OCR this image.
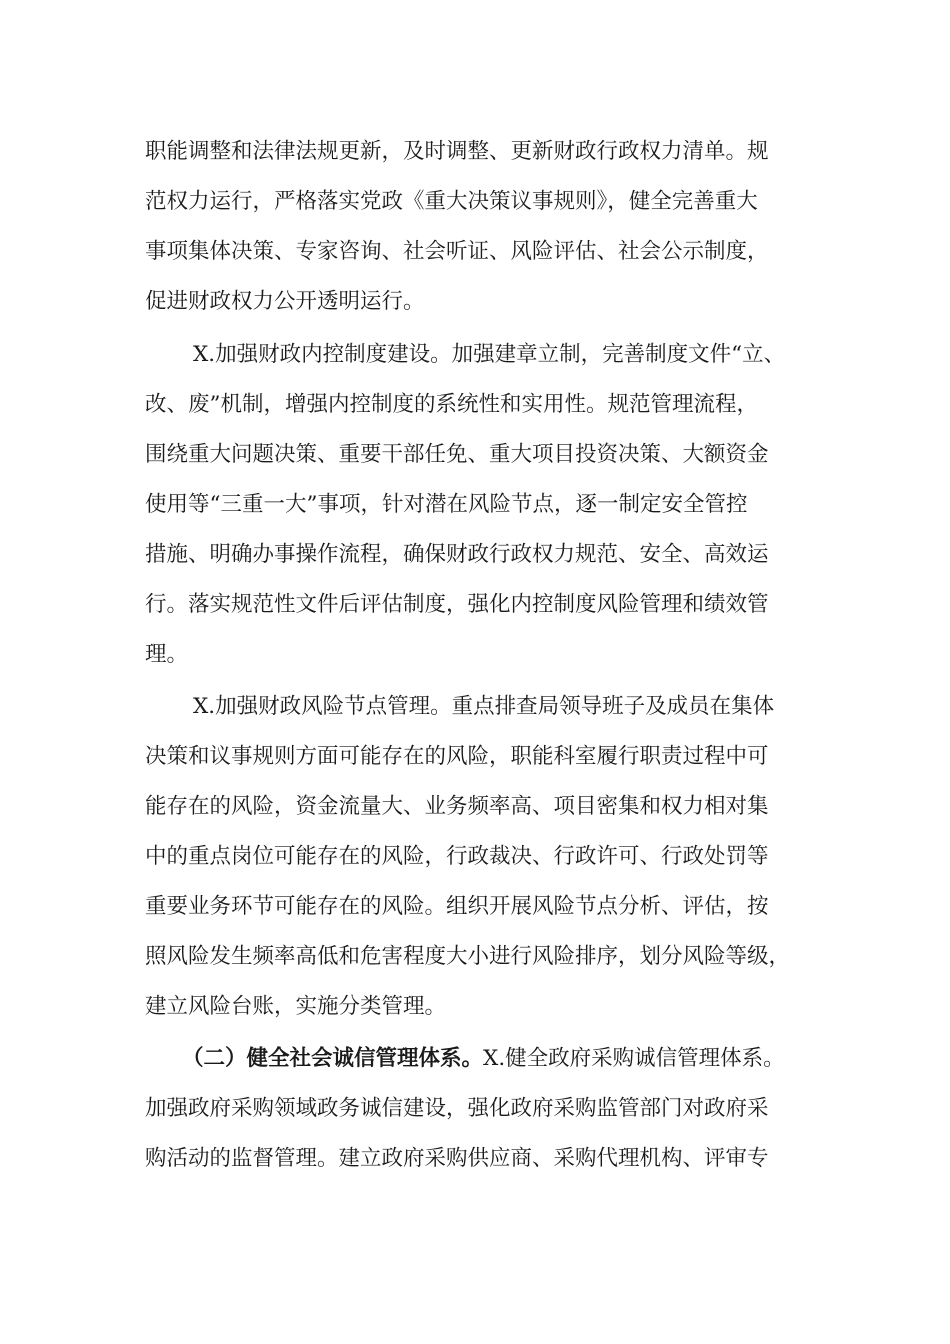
职能调整和法律法规更新，及时调整、更新财政行政权力清单。规
范权力运行，严格落实党政《重大决策议事规则》，健全完善重大
事项集体决策、专家咨询、社会听证、风险评估、社会公示制度，
促进财政权力公开透明运行。
X.加强财政内控制度建设。加强建章立制，完善制度文件“立、
改、废”机制，增强内控制度的系统性和实用性。规范管理流程，
围绕重大问题决策、重要干部任免、重大项目投资决策、大额资金
使用等“三重一大”事项，针对潜在风险节点，逐一制定安全管控
措施、明确办事操作流程，确保财政行政权力规范、安全、高效运
行。落实规范性文件后评估制度，强化内控制度风险管理和绩效管
理。
X.加强财政风险节点管理。重点排查局领导班子及成员在集体
决策和议事规则方面可能存在的风险，职能科室履行职责过程中可
能存在的风险，资金流量大、业务频率高、项目密集和权力相对集
中的重点岗位可能存在的风险，行政裁决、行政许可、行政处罚等
重要业务环节可能存在的风险。组织开展风险节点分析、评估，按
照风险发生频率高低和危害程度大小进行风险排序，划分风险等级，
建立风险台账，实施分类管理。
（二）健全社会诚信管理体系。X.健全政府采购诚信管理体系。
加强政府采购领域政务诚信建设，强化政府采购监管部门对政府采
购活动的监督管理。建立政府采购供应商、采购代理机构、评审专
